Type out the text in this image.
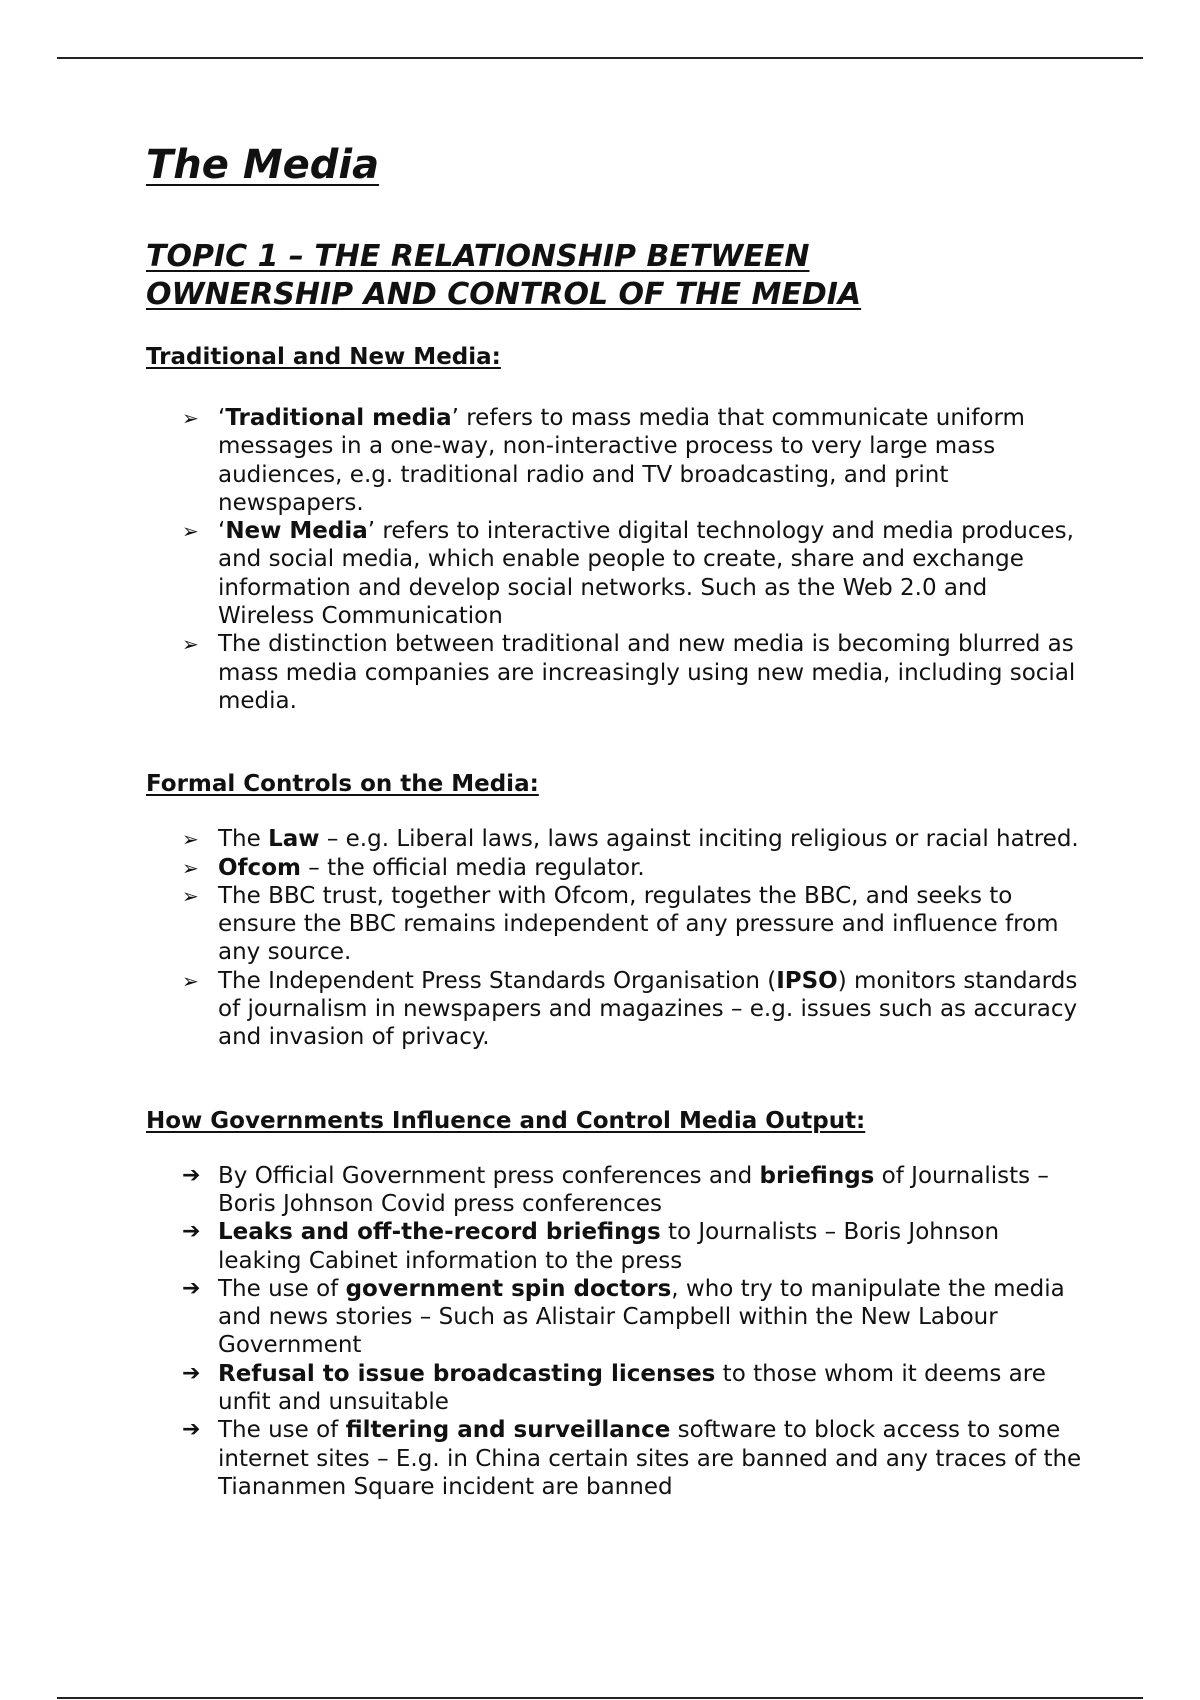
The Media
TOPIC 1 – THE RELATIONSHIP BETWEEN
OWNERSHIP AND CONTROL OF THE MEDIA
Traditional and New Media:
➢ ‘Traditional media’ refers to mass media that communicate uniform messages in a one-way, non-interactive process to very large mass audiences, e.g. traditional radio and TV broadcasting, and print newspapers.
➢ ‘New Media’ refers to interactive digital technology and media produces, and social media, which enable people to create, share and exchange information and develop social networks. Such as the Web 2.0 and Wireless Communication
➢ The distinction between traditional and new media is becoming blurred as mass media companies are increasingly using new media, including social media.
Formal Controls on the Media:
➢ The Law – e.g. Liberal laws, laws against inciting religious or racial hatred.
➢ Ofcom – the official media regulator.
➢ The BBC trust, together with Ofcom, regulates the BBC, and seeks to ensure the BBC remains independent of any pressure and influence from any source.
➢ The Independent Press Standards Organisation (IPSO) monitors standards of journalism in newspapers and magazines – e.g. issues such as accuracy and invasion of privacy.
How Governments Influence and Control Media Output:
➔ By Official Government press conferences and briefings of Journalists – Boris Johnson Covid press conferences
➔ Leaks and off-the-record briefings to Journalists – Boris Johnson leaking Cabinet information to the press
➔ The use of government spin doctors, who try to manipulate the media and news stories – Such as Alistair Campbell within the New Labour Government
➔ Refusal to issue broadcasting licenses to those whom it deems are unfit and unsuitable
➔ The use of filtering and surveillance software to block access to some internet sites – E.g. in China certain sites are banned and any traces of the Tiananmen Square incident are banned
